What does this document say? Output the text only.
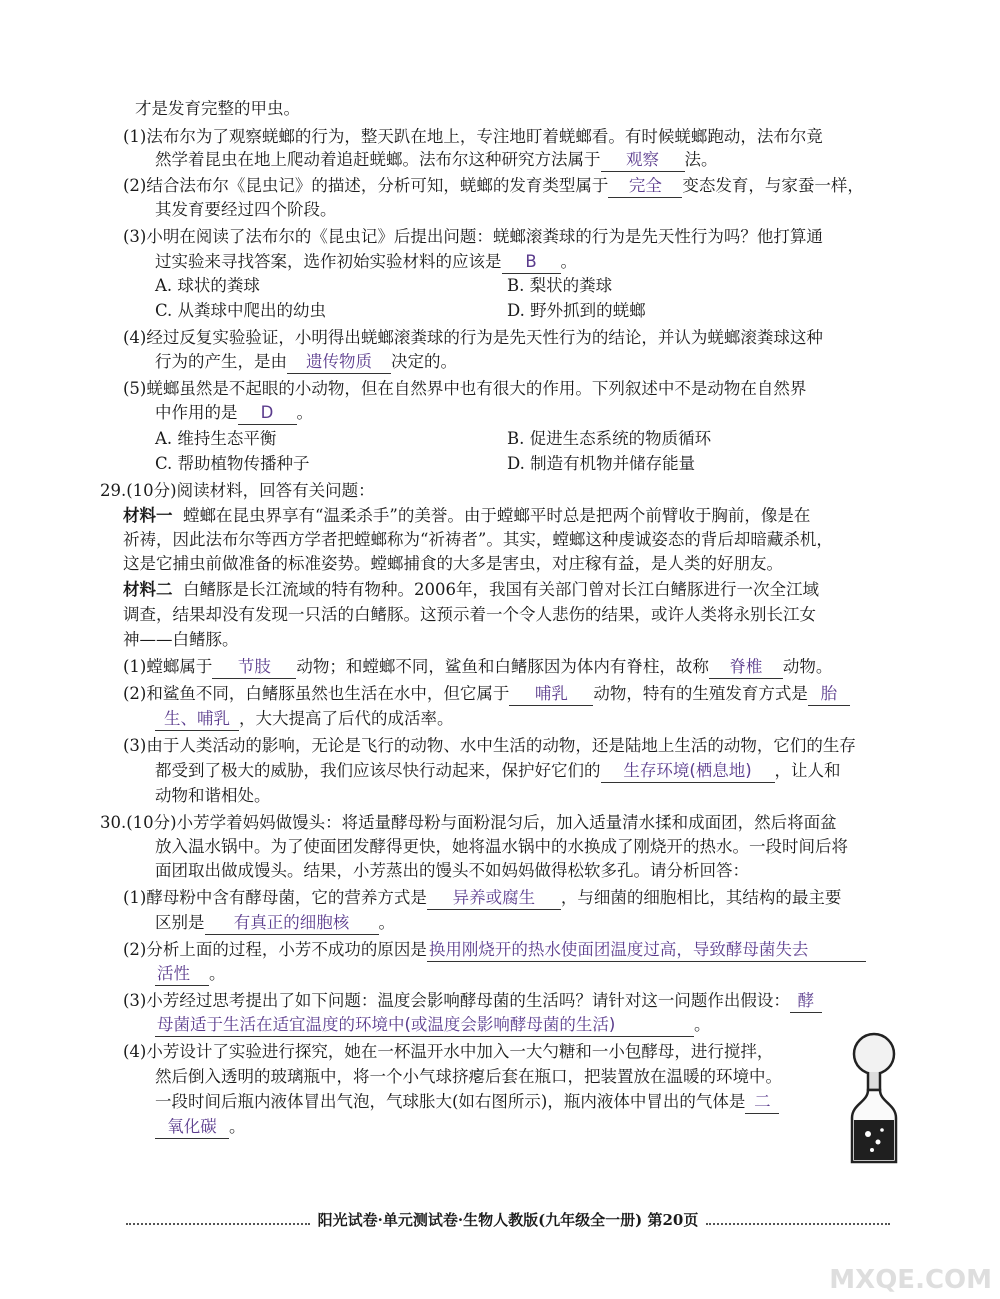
才是发育完整的甲虫。
(1)法布尔为了观察蜣螂的行为，整天趴在地上，专注地盯着蜣螂看。有时候蜣螂跑动，法布尔竟
然学着昆虫在地上爬动着追赶蜣螂。法布尔这种研究方法属于 观察 法。
(2)结合法布尔《昆虫记》的描述，分析可知，蜣螂的发育类型属于 完全 变态发育，与家蚕一样，
其发育要经过四个阶段。
(3)小明在阅读了法布尔的《昆虫记》后提出问题：蜣螂滚粪球的行为是先天性行为吗？他打算通
过实验来寻找答案，选作初始实验材料的应该是 B 。
A. 球状的粪球	B. 梨状的粪球
C. 从粪球中爬出的幼虫	D. 野外抓到的蜣螂
(4)经过反复实验验证，小明得出蜣螂滚粪球的行为是先天性行为的结论，并认为蜣螂滚粪球这种
行为的产生，是由 遗传物质 决定的。
(5)蜣螂虽然是不起眼的小动物，但在自然界中也有很大的作用。下列叙述中不是动物在自然界
中作用的是 D 。
A. 维持生态平衡	B. 促进生态系统的物质循环
C. 帮助植物传播种子	D. 制造有机物并储存能量
29.(10分)阅读材料，回答有关问题：
材料一 螳螂在昆虫界享有“温柔杀手”的美誉。由于螳螂平时总是把两个前臂收于胸前，像是在
祈祷，因此法布尔等西方学者把螳螂称为“祈祷者”。其实，螳螂这种虔诚姿态的背后却暗藏杀机，
这是它捕虫前做准备的标准姿势。螳螂捕食的大多是害虫，对庄稼有益，是人类的好朋友。
材料二 白鳍豚是长江流域的特有物种。2006年，我国有关部门曾对长江白鳍豚进行一次全江域
调查，结果却没有发现一只活的白鳍豚。这预示着一个令人悲伤的结果，或许人类将永别长江女
神——白鳍豚。
(1)螳螂属于 节肢 动物；和螳螂不同，鲨鱼和白鳍豚因为体内有脊柱，故称 脊椎 动物。
(2)和鲨鱼不同，白鳍豚虽然也生活在水中，但它属于 哺乳 动物，特有的生殖发育方式是 胎
生、哺乳 ，大大提高了后代的成活率。
(3)由于人类活动的影响，无论是飞行的动物、水中生活的动物，还是陆地上生活的动物，它们的生存
都受到了极大的威胁，我们应该尽快行动起来，保护好它们的 生存环境(栖息地) ，让人和
动物和谐相处。
30.(10分)小芳学着妈妈做馒头：将适量酵母粉与面粉混匀后，加入适量清水揉和成面团，然后将面盆
放入温水锅中。为了使面团发酵得更快，她将温水锅中的水换成了刚烧开的热水。一段时间后将
面团取出做成馒头。结果，小芳蒸出的馒头不如妈妈做得松软多孔。请分析回答：
(1)酵母粉中含有酵母菌，它的营养方式是 异养或腐生 ，与细菌的细胞相比，其结构的最主要
区别是 有真正的细胞核 。
(2)分析上面的过程，小芳不成功的原因是 换用刚烧开的热水使面团温度过高，导致酵母菌失去
活性 。
(3)小芳经过思考提出了如下问题：温度会影响酵母菌的生活吗？请针对这一问题作出假设： 酵
母菌适于生活在适宜温度的环境中(或温度会影响酵母菌的生活)	。
(4)小芳设计了实验进行探究，她在一杯温开水中加入一大勺糖和一小包酵母，进行搅拌，
然后倒入透明的玻璃瓶中，将一个小气球挤瘪后套在瓶口，把装置放在温暖的环境中。
一段时间后瓶内液体冒出气泡，气球胀大(如右图所示)，瓶内液体中冒出的气体是 二
氧化碳 。
阳光试卷·单元测试卷·生物人教版(九年级全一册) 第20页
MXQE.COM
